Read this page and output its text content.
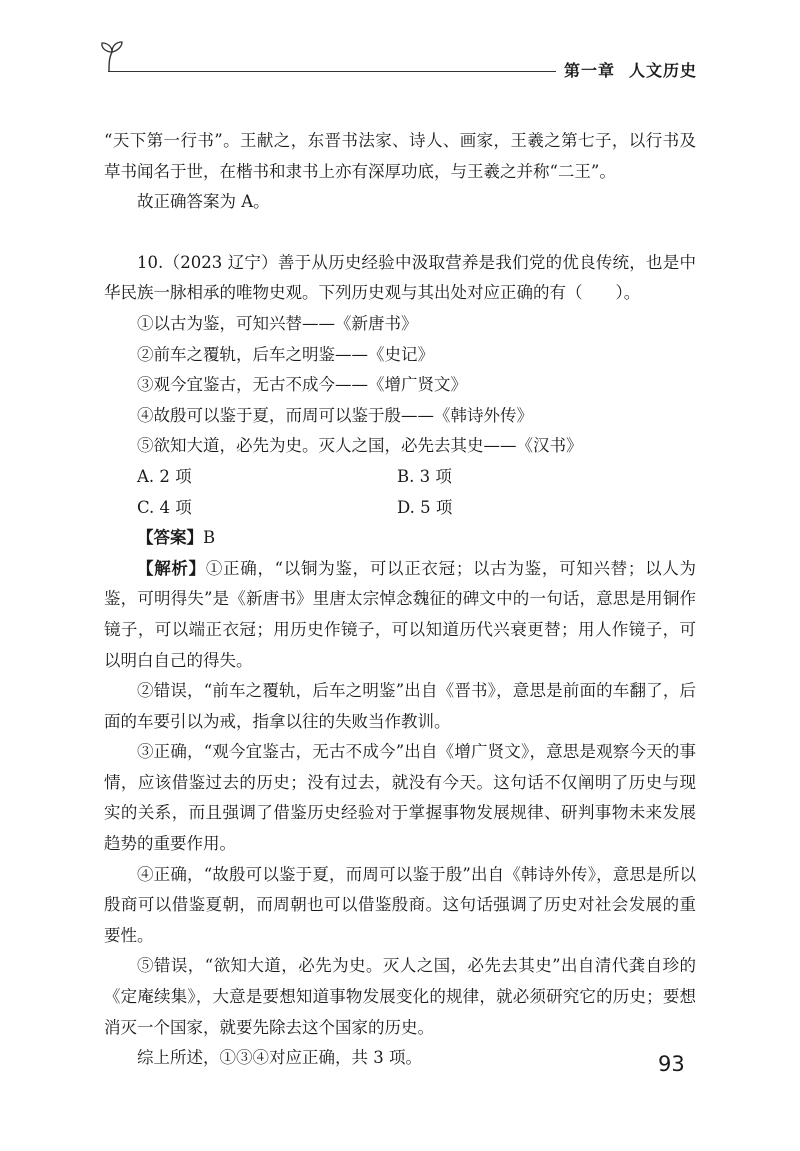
第一章 人文历史

“天下第一行书”。王献之，东晋书法家、诗人、画家，王羲之第七子，以行书及草书闻名于世，在楷书和隶书上亦有深厚功底，与王羲之并称“二王”。

故正确答案为 A。

10.（2023 辽宁）善于从历史经验中汲取营养是我们党的优良传统，也是中华民族一脉相承的唯物史观。下列历史观与其出处对应正确的有（　　）。

①以古为鉴，可知兴替——《新唐书》

②前车之覆轨，后车之明鉴——《史记》

③观今宜鉴古，无古不成今——《增广贤文》

④故殷可以鉴于夏，而周可以鉴于殷——《韩诗外传》

⑤欲知大道，必先为史。灭人之国，必先去其史——《汉书》

A. 2 项	B. 3 项
C. 4 项	D. 5 项

【答案】B

【解析】①正确，“以铜为鉴，可以正衣冠；以古为鉴，可知兴替；以人为鉴，可明得失”是《新唐书》里唐太宗悼念魏征的碑文中的一句话，意思是用铜作镜子，可以端正衣冠；用历史作镜子，可以知道历代兴衰更替；用人作镜子，可以明白自己的得失。

②错误，“前车之覆轨，后车之明鉴”出自《晋书》，意思是前面的车翻了，后面的车要引以为戒，指拿以往的失败当作教训。

③正确，“观今宜鉴古，无古不成今”出自《增广贤文》，意思是观察今天的事情，应该借鉴过去的历史；没有过去，就没有今天。这句话不仅阐明了历史与现实的关系，而且强调了借鉴历史经验对于掌握事物发展规律、研判事物未来发展趋势的重要作用。

④正确，“故殷可以鉴于夏，而周可以鉴于殷”出自《韩诗外传》，意思是所以殷商可以借鉴夏朝，而周朝也可以借鉴殷商。这句话强调了历史对社会发展的重要性。

⑤错误，“欲知大道，必先为史。灭人之国，必先去其史”出自清代龚自珍的《定庵续集》，大意是要想知道事物发展变化的规律，就必须研究它的历史；要想消灭一个国家，就要先除去这个国家的历史。

综上所述，①③④对应正确，共 3 项。	93
